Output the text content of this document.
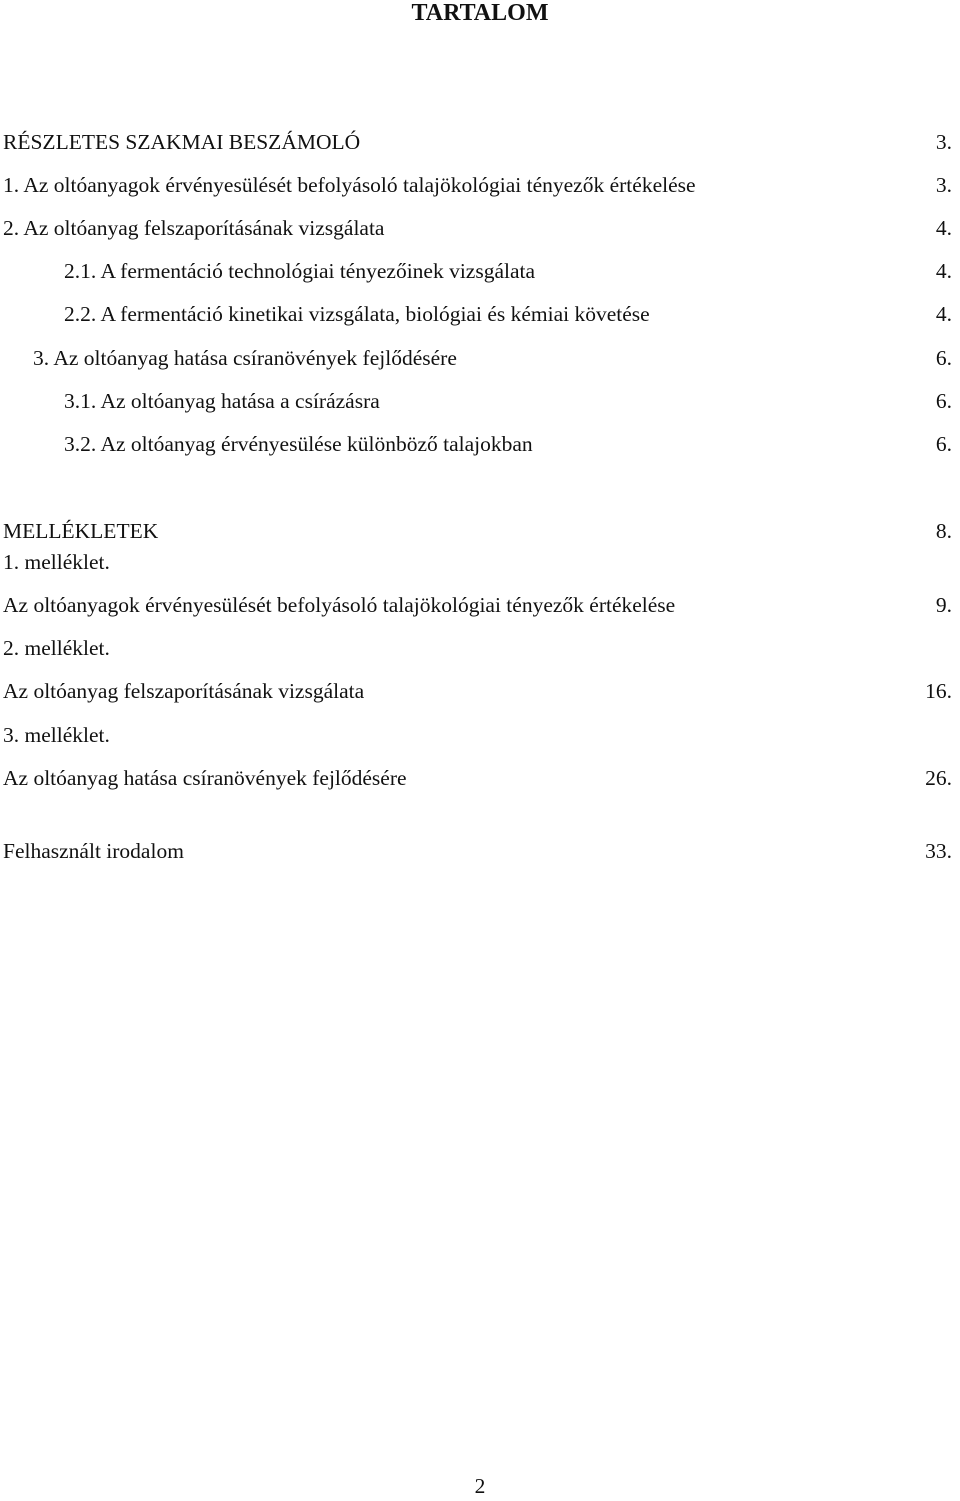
TARTALOM
RÉSZLETES SZAKMAI BESZÁMOLÓ	3.
1. Az oltóanyagok érvényesülését befolyásoló talajökológiai tényezők értékelése	3.
2. Az oltóanyag felszaporításának vizsgálata	4.
2.1. A fermentáció technológiai tényezőinek vizsgálata	4.
2.2. A fermentáció kinetikai vizsgálata, biológiai és kémiai követése	4.
3. Az oltóanyag hatása csíranövények fejlődésére	6.
3.1. Az oltóanyag hatása a csírázásra	6.
3.2. Az oltóanyag érvényesülése különböző talajokban	6.
MELLÉKLETEK	8.
1. melléklet.
Az oltóanyagok érvényesülését befolyásoló talajökológiai tényezők értékelése	9.
2. melléklet.
Az oltóanyag felszaporításának vizsgálata	16.
3. melléklet.
Az oltóanyag hatása csíranövények fejlődésére	26.
Felhasznált irodalom	33.
2
